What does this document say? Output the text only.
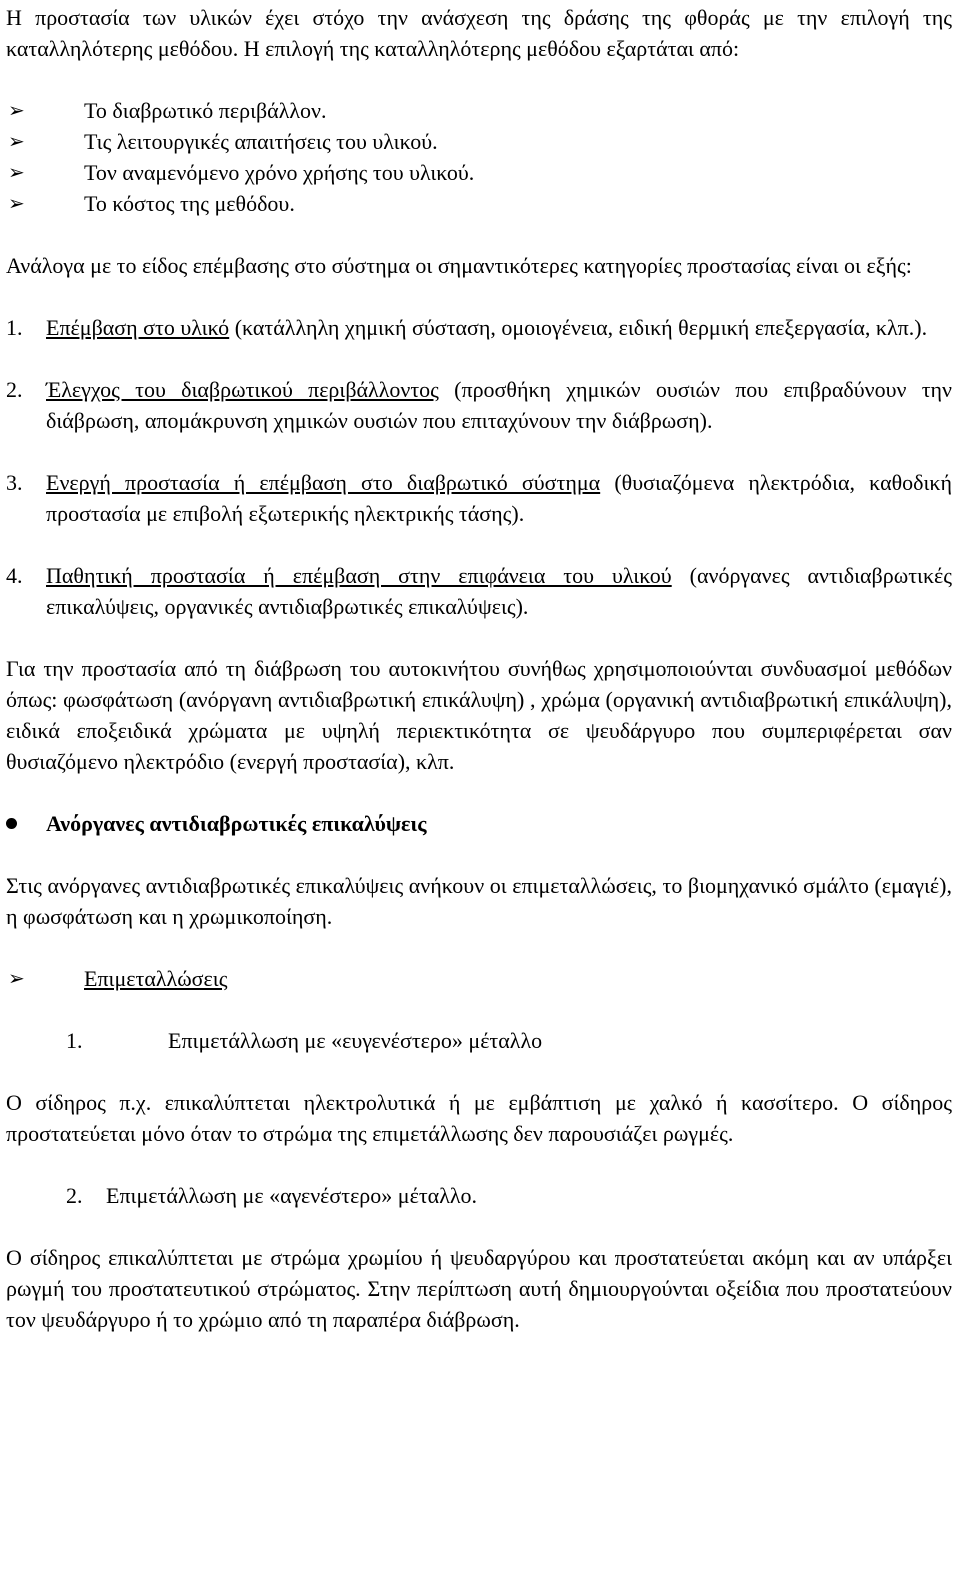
Η προστασία των υλικών έχει στόχο την ανάσχεση της δράσης της φθοράς με την επιλογή της καταλληλότερης μεθόδου. Η επιλογή της καταλληλότερης μεθόδου εξαρτάται από:

➢	Το διαβρωτικό περιβάλλον.
➢	Τις λειτουργικές απαιτήσεις του υλικού.
➢	Τον αναμενόμενο χρόνο χρήσης του υλικού.
➢	Το κόστος της μεθόδου.

Ανάλογα με το είδος επέμβασης στο σύστημα οι σημαντικότερες κατηγορίες προστασίας είναι οι εξής:

1. Επέμβαση στο υλικό (κατάλληλη χημική σύσταση, ομοιογένεια, ειδική θερμική επεξεργασία, κλπ.).
2. Έλεγχος του διαβρωτικού περιβάλλοντος (προσθήκη χημικών ουσιών που επιβραδύνουν την διάβρωση, απομάκρυνση χημικών ουσιών που επιταχύνουν την διάβρωση).
3. Ενεργή προστασία ή επέμβαση στο διαβρωτικό σύστημα (θυσιαζόμενα ηλεκτρόδια, καθοδική προστασία με επιβολή εξωτερικής ηλεκτρικής τάσης).
4. Παθητική προστασία ή επέμβαση στην επιφάνεια του υλικού (ανόργανες αντιδιαβρωτικές επικαλύψεις, οργανικές αντιδιαβρωτικές επικαλύψεις).

Για την προστασία από τη διάβρωση του αυτοκινήτου συνήθως χρησιμοποιούνται συνδυασμοί μεθόδων όπως: φωσφάτωση (ανόργανη αντιδιαβρωτική επικάλυψη) , χρώμα (οργανική αντιδιαβρωτική επικάλυψη), ειδικά εποξειδικά χρώματα με υψηλή περιεκτικότητα σε ψευδάργυρο που συμπεριφέρεται σαν θυσιαζόμενο ηλεκτρόδιο (ενεργή προστασία), κλπ.

Ανόργανες αντιδιαβρωτικές επικαλύψεις

Στις ανόργανες αντιδιαβρωτικές επικαλύψεις ανήκουν οι επιμεταλλώσεις, το βιομηχανικό σμάλτο (εμαγιέ), η φωσφάτωση και η χρωμικοποίηση.

➢	Επιμεταλλώσεις
1.	Επιμετάλλωση με «ευγενέστερο» μέταλλο

Ο σίδηρος π.χ. επικαλύπτεται ηλεκτρολυτικά ή με εμβάπτιση με χαλκό ή κασσίτερο. Ο σίδηρος προστατεύεται μόνο όταν το στρώμα της επιμετάλλωσης δεν παρουσιάζει ρωγμές.

2. Επιμετάλλωση με «αγενέστερο» μέταλλο.

Ο σίδηρος επικαλύπτεται με στρώμα χρωμίου ή ψευδαργύρου και προστατεύεται ακόμη και αν υπάρξει ρωγμή του προστατευτικού στρώματος. Στην περίπτωση αυτή δημιουργούνται οξείδια που προστατεύουν τον ψευδάργυρο ή το χρώμιο από τη παραπέρα διάβρωση.
